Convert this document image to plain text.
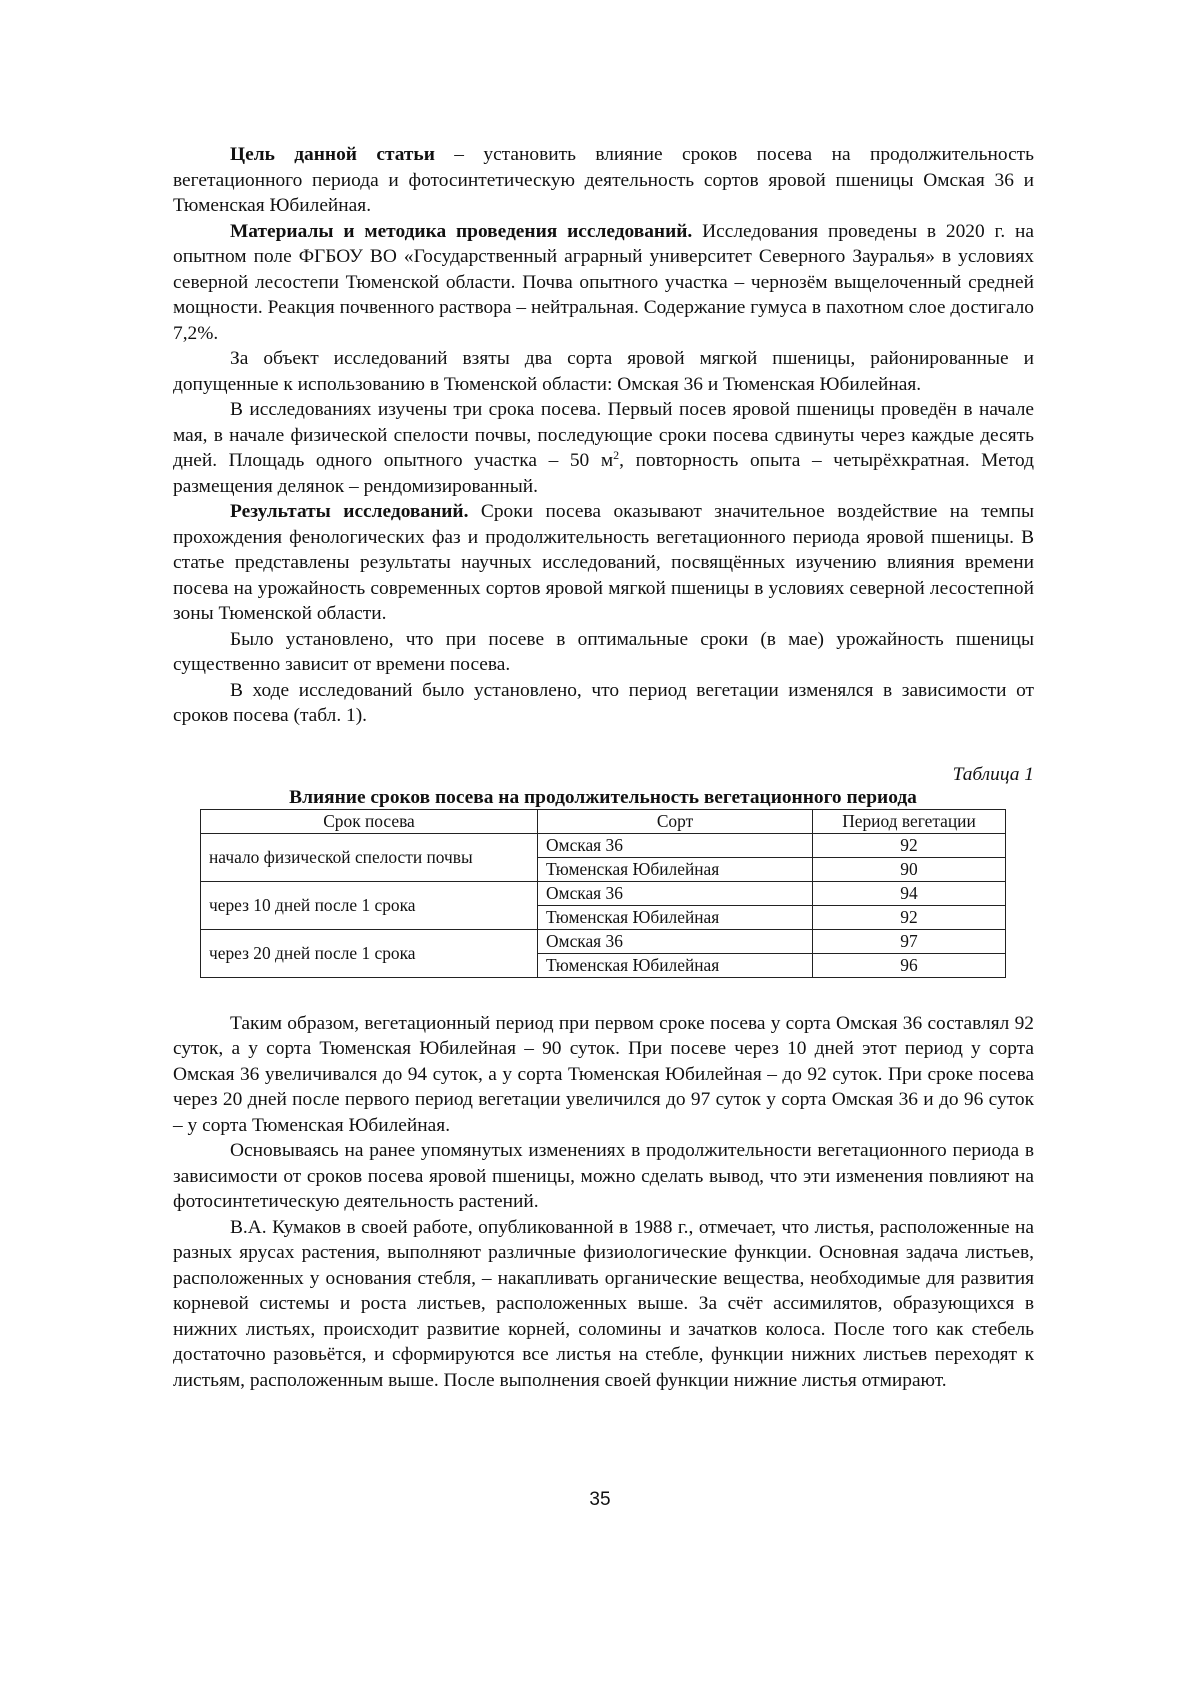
Цель данной статьи – установить влияние сроков посева на продолжительность вегетационного периода и фотосинтетическую деятельность сортов яровой пшеницы Омская 36 и Тюменская Юбилейная.

Материалы и методика проведения исследований. Исследования проведены в 2020 г. на опытном поле ФГБОУ ВО «Государственный аграрный университет Северного Зауралья» в условиях северной лесостепи Тюменской области. Почва опытного участка – чернозём выщелоченный средней мощности. Реакция почвенного раствора – нейтральная. Содержание гумуса в пахотном слое достигало 7,2%.

За объект исследований взяты два сорта яровой мягкой пшеницы, районированные и допущенные к использованию в Тюменской области: Омская 36 и Тюменская Юбилейная.

В исследованиях изучены три срока посева. Первый посев яровой пшеницы проведён в начале мая, в начале физической спелости почвы, последующие сроки посева сдвинуты через каждые десять дней. Площадь одного опытного участка – 50 $м^2$, повторность опыта – четырёхкратная. Метод размещения делянок – рендомизированный.

Результаты исследований. Сроки посева оказывают значительное воздействие на темпы прохождения фенологических фаз и продолжительность вегетационного периода яровой пшеницы. В статье представлены результаты научных исследований, посвящённых изучению влияния времени посева на урожайность современных сортов яровой мягкой пшеницы в условиях северной лесостепной зоны Тюменской области.

Было установлено, что при посеве в оптимальные сроки (в мае) урожайность пшеницы существенно зависит от времени посева.

В ходе исследований было установлено, что период вегетации изменялся в зависимости от сроков посева (табл. 1).

Таблица 1
Влияние сроков посева на продолжительность вегетационного периода
Срок посева	Сорт	Период вегетации
начало физической спелости почвы	Омская 36	92
	Тюменская Юбилейная	90
через 10 дней после 1 срока	Омская 36	94
	Тюменская Юбилейная	92
через 20 дней после 1 срока	Омская 36	97
	Тюменская Юбилейная	96

Таким образом, вегетационный период при первом сроке посева у сорта Омская 36 составлял 92 суток, а у сорта Тюменская Юбилейная – 90 суток. При посеве через 10 дней этот период у сорта Омская 36 увеличивался до 94 суток, а у сорта Тюменская Юбилейная – до 92 суток. При сроке посева через 20 дней после первого период вегетации увеличился до 97 суток у сорта Омская 36 и до 96 суток – у сорта Тюменская Юбилейная.

Основываясь на ранее упомянутых изменениях в продолжительности вегетационного периода в зависимости от сроков посева яровой пшеницы, можно сделать вывод, что эти изменения повлияют на фотосинтетическую деятельность растений.

В.А. Кумаков в своей работе, опубликованной в 1988 г., отмечает, что листья, расположенные на разных ярусах растения, выполняют различные физиологические функции. Основная задача листьев, расположенных у основания стебля, – накапливать органические вещества, необходимые для развития корневой системы и роста листьев, расположенных выше. За счёт ассимилятов, образующихся в нижних листьях, происходит развитие корней, соломины и зачатков колоса. После того как стебель достаточно разовьётся, и сформируются все листья на стебле, функции нижних листьев переходят к листьям, расположенным выше. После выполнения своей функции нижние листья отмирают.

35
